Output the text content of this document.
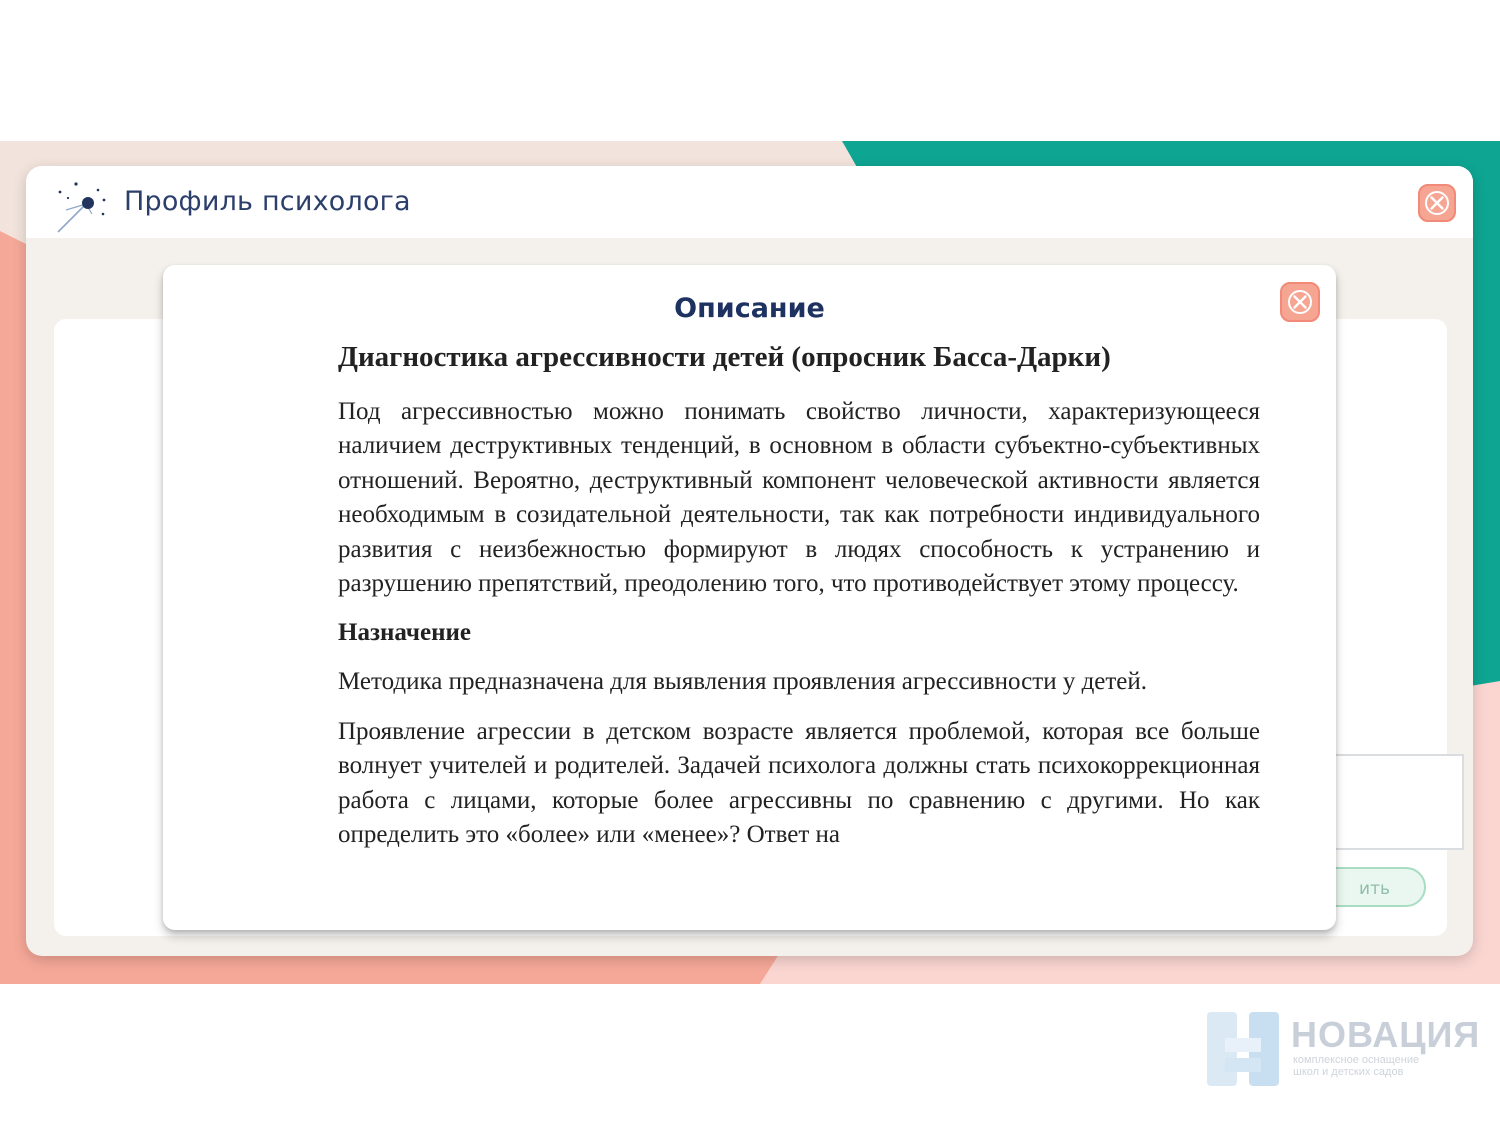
Профиль психолога
ить
Описание
Диагностика агрессивности детей (опросник Басса-Дарки)

Под агрессивностью можно понимать свойство личности, характеризующееся наличием деструктивных тенденций, в основном в области субъектно-субъективных отношений. Вероятно, деструктивный компонент человеческой активности является необходимым в созидательной деятельности, так как потребности индивидуального развития с неизбежностью формируют в людях способность к устранению и разрушению препятствий, преодолению того, что противодействует этому процессу.

Назначение

Методика предназначена для выявления проявления агрессивности у детей.

Проявление агрессии в детском возрасте является проблемой, которая все больше волнует учителей и родителей. Задачей психолога должны стать психокоррекционная работа с лицами, которые более агрессивны по сравнению с другими. Но как определить это «более» или «менее»? Ответ на

НОВАЦИЯ
комплексное оснащение
школ и детских садов
